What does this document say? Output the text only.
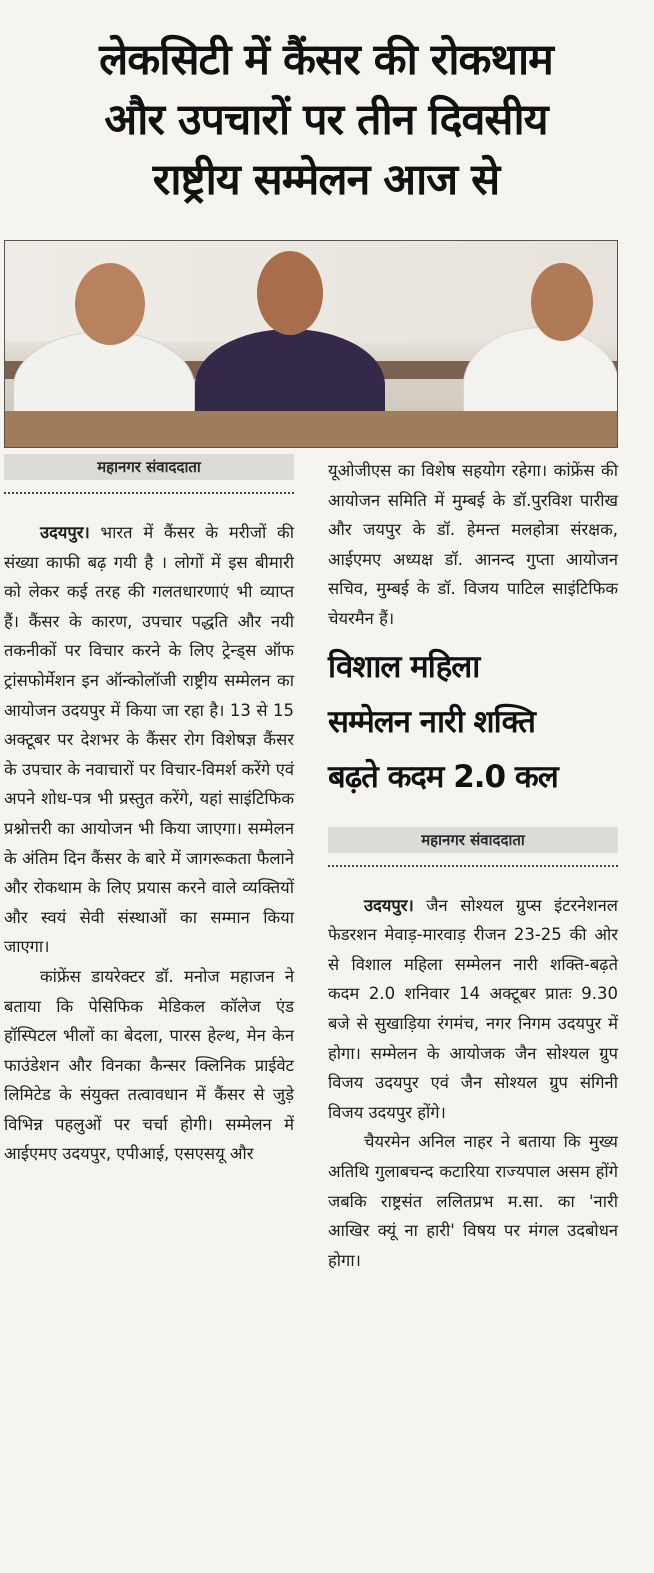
लेकसिटी में कैंसर की रोकथाम
और उपचारों पर तीन दिवसीय
राष्ट्रीय सम्मेलन आज से
महानगर संवाददाता

उदयपुर। भारत में कैंसर के मरीजों की संख्या काफी बढ़ गयी है । लोगों में इस बीमारी को लेकर कई तरह की गलतधारणाएं भी व्याप्त हैं। कैंसर के कारण, उपचार पद्धति और नयी तकनीकों पर विचार करने के लिए ट्रेन्ड्स ऑफ ट्रांसफोर्मेशन इन ऑन्कोलॉजी राष्ट्रीय सम्मेलन का आयोजन उदयपुर में किया जा रहा है। 13 से 15 अक्टूबर पर देशभर के कैंसर रोग विशेषज्ञ कैंसर के उपचार के नवाचारों पर विचार-विमर्श करेंगे एवं अपने शोध-पत्र भी प्रस्तुत करेंगे, यहां साइंटिफिक प्रश्नोत्तरी का आयोजन भी किया जाएगा। सम्मेलन के अंतिम दिन कैंसर के बारे में जागरूकता फैलाने और रोकथाम के लिए प्रयास करने वाले व्यक्तियों और स्वयं सेवी संस्थाओं का सम्मान किया जाएगा।

कांफ्रेंस डायरेक्टर डॉ. मनोज महाजन ने बताया कि पेसिफिक मेडिकल कॉलेज एंड हॉस्पिटल भीलों का बेदला, पारस हेल्थ, मेन केन फाउंडेशन और विनका कैन्सर क्लिनिक प्राईवेट लिमिटेड के संयुक्त तत्वावधान में कैंसर से जुड़े विभिन्न पहलुओं पर चर्चा होगी। सम्मेलन में आईएमए उदयपुर, एपीआई, एसएसयू और

यूओजीएस का विशेष सहयोग रहेगा। कांफ्रेंस की आयोजन समिति में मुम्बई के डॉ.पुरविश पारीख और जयपुर के डॉ. हेमन्त मलहोत्रा संरक्षक, आईएमए अध्यक्ष डॉ. आनन्द गुप्ता आयोजन सचिव, मुम्बई के डॉ. विजय पाटिल साइंटिफिक चेयरमैन हैं।

विशाल महिला
सम्मेलन नारी शक्ति
बढ़ते कदम 2.0 कल
महानगर संवाददाता

उदयपुर। जैन सोश्यल ग्रुप्स इंटरनेशनल फेडरशन मेवाड़-मारवाड़ रीजन 23-25 की ओर से विशाल महिला सम्मेलन नारी शक्ति-बढ़ते कदम 2.0 शनिवार 14 अक्टूबर प्रातः 9.30 बजे से सुखाड़िया रंगमंच, नगर निगम उदयपुर में होगा। सम्मेलन के आयोजक जैन सोश्यल ग्रुप विजय उदयपुर एवं जैन सोश्यल ग्रुप संगिनी विजय उदयपुर होंगे।

चैयरमेन अनिल नाहर ने बताया कि मुख्य अतिथि गुलाबचन्द कटारिया राज्यपाल असम होंगे जबकि राष्ट्रसंत ललितप्रभ म.सा. का 'नारी आखिर क्यूं ना हारी' विषय पर मंगल उदबोधन होगा।
